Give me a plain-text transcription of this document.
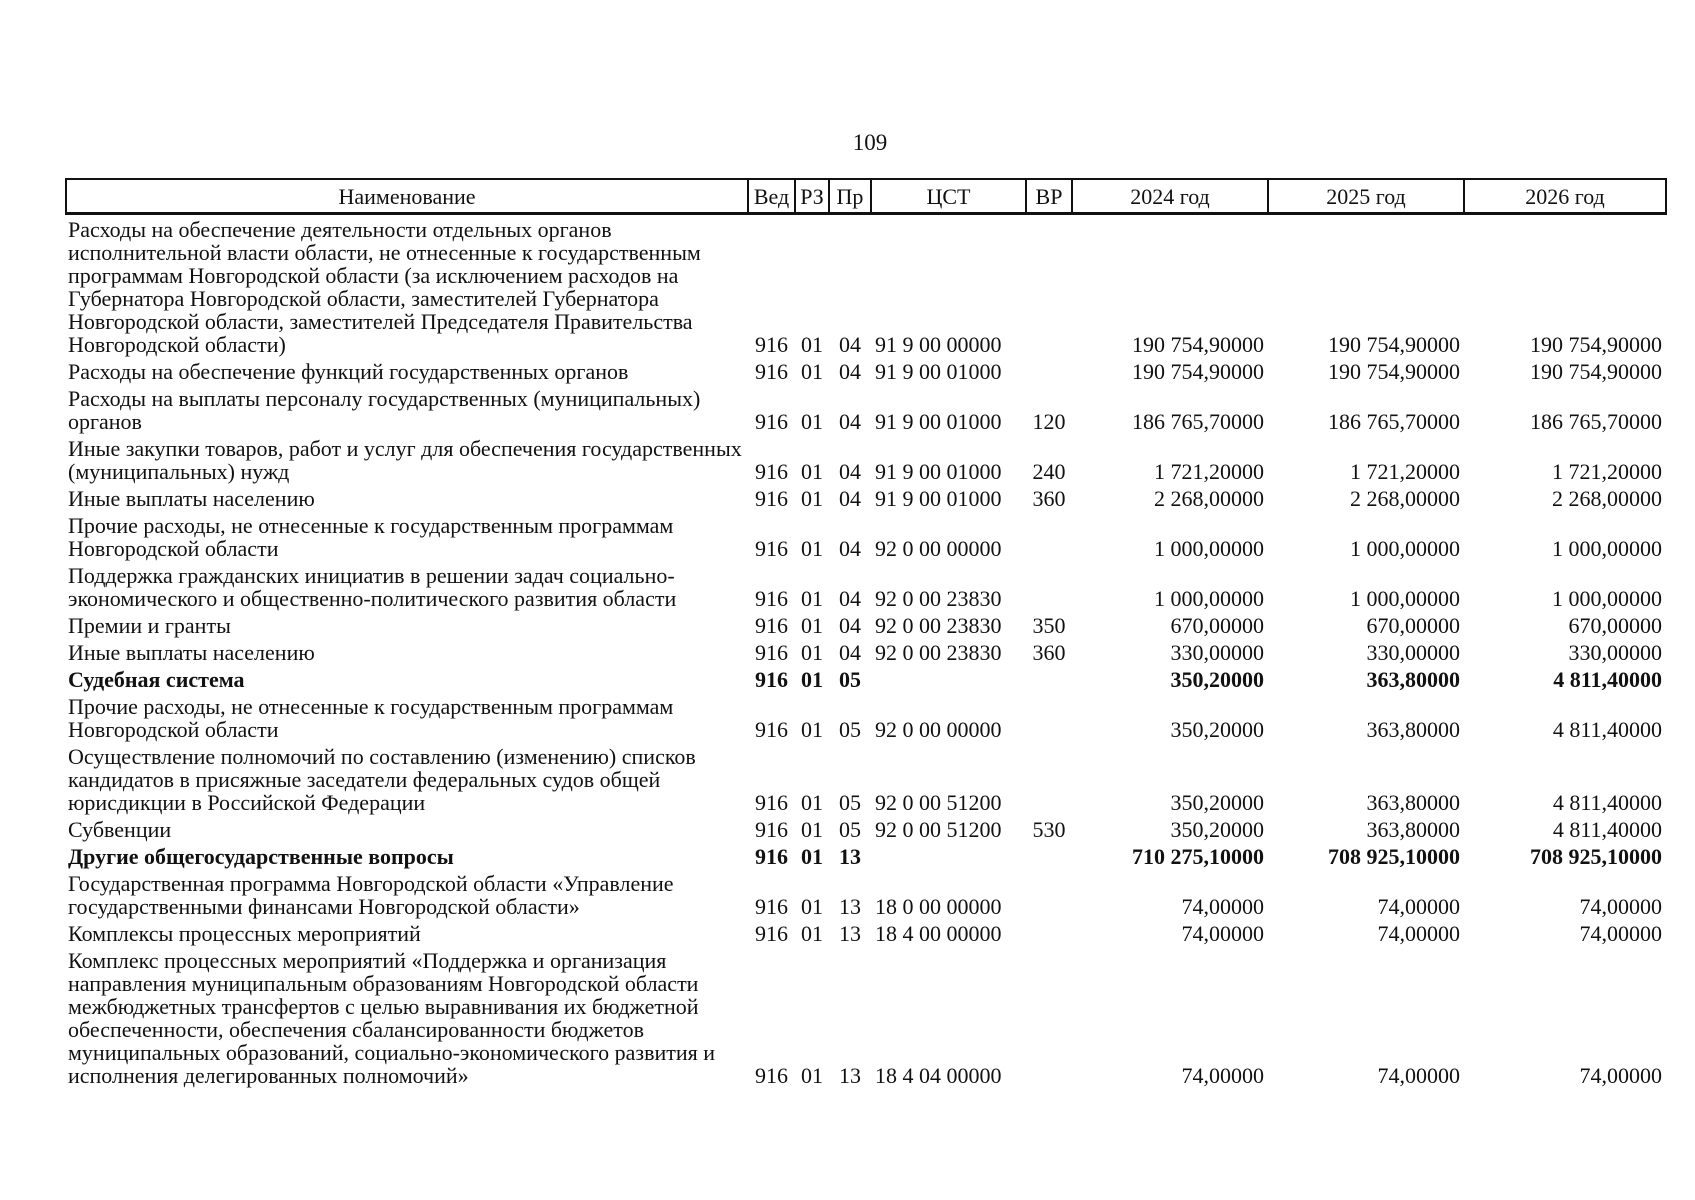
109
Наименование	Вед	РЗ	Пр	ЦСТ	ВР	2024 год	2025 год	2026 год
Расходы на обеспечение деятельности отдельных органов исполнительной власти области, не отнесенные к государственным программам Новгородской области (за исключением расходов на Губернатора Новгородской области, заместителей Губернатора Новгородской области, заместителей Председателя Правительства Новгородской области)	916	01	04	91 9 00 00000		190 754,90000	190 754,90000	190 754,90000
Расходы на обеспечение функций государственных органов	916	01	04	91 9 00 01000		190 754,90000	190 754,90000	190 754,90000
Расходы на выплаты персоналу государственных (муниципальных) органов	916	01	04	91 9 00 01000	120	186 765,70000	186 765,70000	186 765,70000
Иные закупки товаров, работ и услуг для обеспечения государственных (муниципальных) нужд	916	01	04	91 9 00 01000	240	1 721,20000	1 721,20000	1 721,20000
Иные выплаты населению	916	01	04	91 9 00 01000	360	2 268,00000	2 268,00000	2 268,00000
Прочие расходы, не отнесенные к государственным программам Новгородской области	916	01	04	92 0 00 00000		1 000,00000	1 000,00000	1 000,00000
Поддержка гражданских инициатив в решении задач социально-экономического и общественно-политического развития области	916	01	04	92 0 00 23830		1 000,00000	1 000,00000	1 000,00000
Премии и гранты	916	01	04	92 0 00 23830	350	670,00000	670,00000	670,00000
Иные выплаты населению	916	01	04	92 0 00 23830	360	330,00000	330,00000	330,00000
Судебная система	916	01	05			350,20000	363,80000	4 811,40000
Прочие расходы, не отнесенные к государственным программам Новгородской области	916	01	05	92 0 00 00000		350,20000	363,80000	4 811,40000
Осуществление полномочий по составлению (изменению) списков кандидатов в присяжные заседатели федеральных судов общей юрисдикции в Российской Федерации	916	01	05	92 0 00 51200		350,20000	363,80000	4 811,40000
Субвенции	916	01	05	92 0 00 51200	530	350,20000	363,80000	4 811,40000
Другие общегосударственные вопросы	916	01	13			710 275,10000	708 925,10000	708 925,10000
Государственная программа Новгородской области «Управление государственными финансами Новгородской области»	916	01	13	18 0 00 00000		74,00000	74,00000	74,00000
Комплексы процессных мероприятий	916	01	13	18 4 00 00000		74,00000	74,00000	74,00000
Комплекс процессных мероприятий «Поддержка и организация направления муниципальным образованиям Новгородской области межбюджетных трансфертов с целью выравнивания их бюджетной обеспеченности, обеспечения сбалансированности бюджетов муниципальных образований, социально-экономического развития и исполнения делегированных полномочий»	916	01	13	18 4 04 00000		74,00000	74,00000	74,00000
